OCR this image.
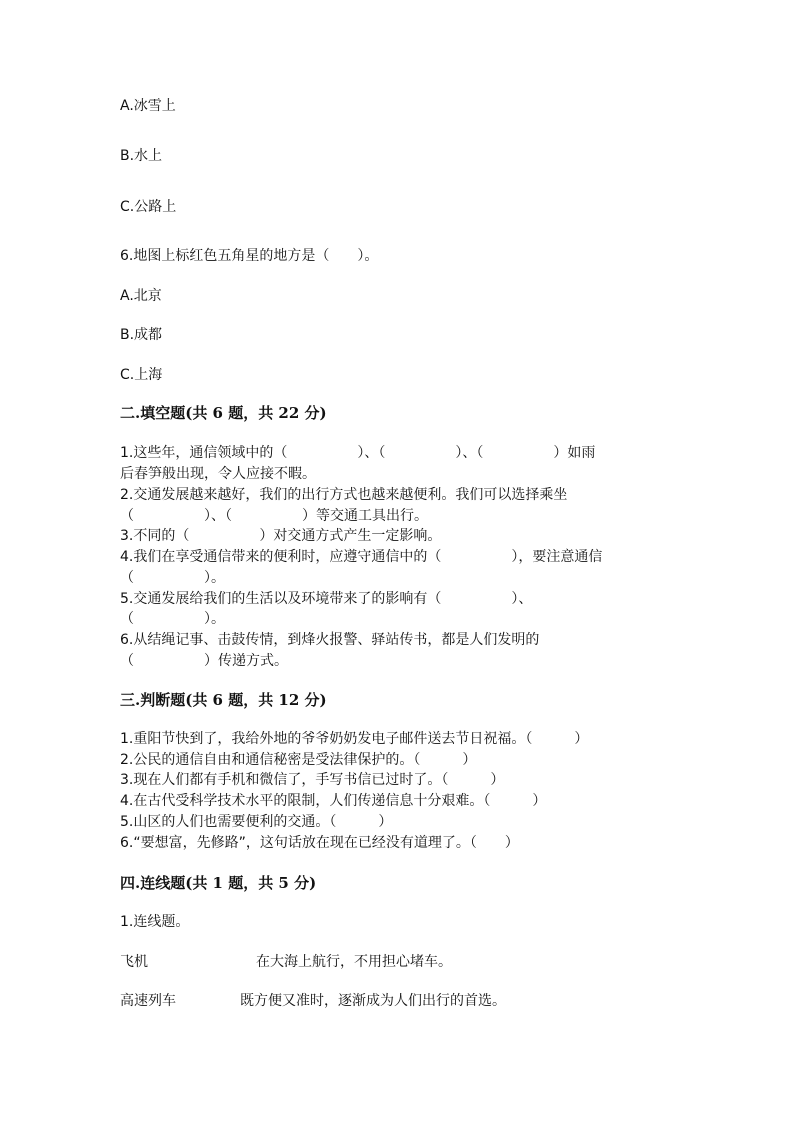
A.冰雪上
B.水上
C.公路上
6.地图上标红色五角星的地方是（　　）。
A.北京
B.成都
C.上海
二.填空题(共 6 题，共 22 分)
1.这些年，通信领域中的（　　　　　）、（　　　　　）、（　　　　　）如雨
后春笋般出现，令人应接不暇。
2.交通发展越来越好，我们的出行方式也越来越便利。我们可以选择乘坐
（　　　　　）、（　　　　　）等交通工具出行。
3.不同的（　　　　　）对交通方式产生一定影响。
4.我们在享受通信带来的便利时，应遵守通信中的（　　　　　），要注意通信
（　　　　　）。
5.交通发展给我们的生活以及环境带来了的影响有（　　　　　）、
（　　　　　）。
6.从结绳记事、击鼓传情，到烽火报警、驿站传书，都是人们发明的
（　　　　　）传递方式。
三.判断题(共 6 题，共 12 分)
1.重阳节快到了，我给外地的爷爷奶奶发电子邮件送去节日祝福。（　　　）
2.公民的通信自由和通信秘密是受法律保护的。（　　　）
3.现在人们都有手机和微信了，手写书信已过时了。（　　　）
4.在古代受科学技术水平的限制，人们传递信息十分艰难。（　　　）
5.山区的人们也需要便利的交通。（　　　）
6.“要想富，先修路”，这句话放在现在已经没有道理了。（　　）
四.连线题(共 1 题，共 5 分)
1.连线题。
飞机	在大海上航行，不用担心堵车。
高速列车	既方便又准时，逐渐成为人们出行的首选。
